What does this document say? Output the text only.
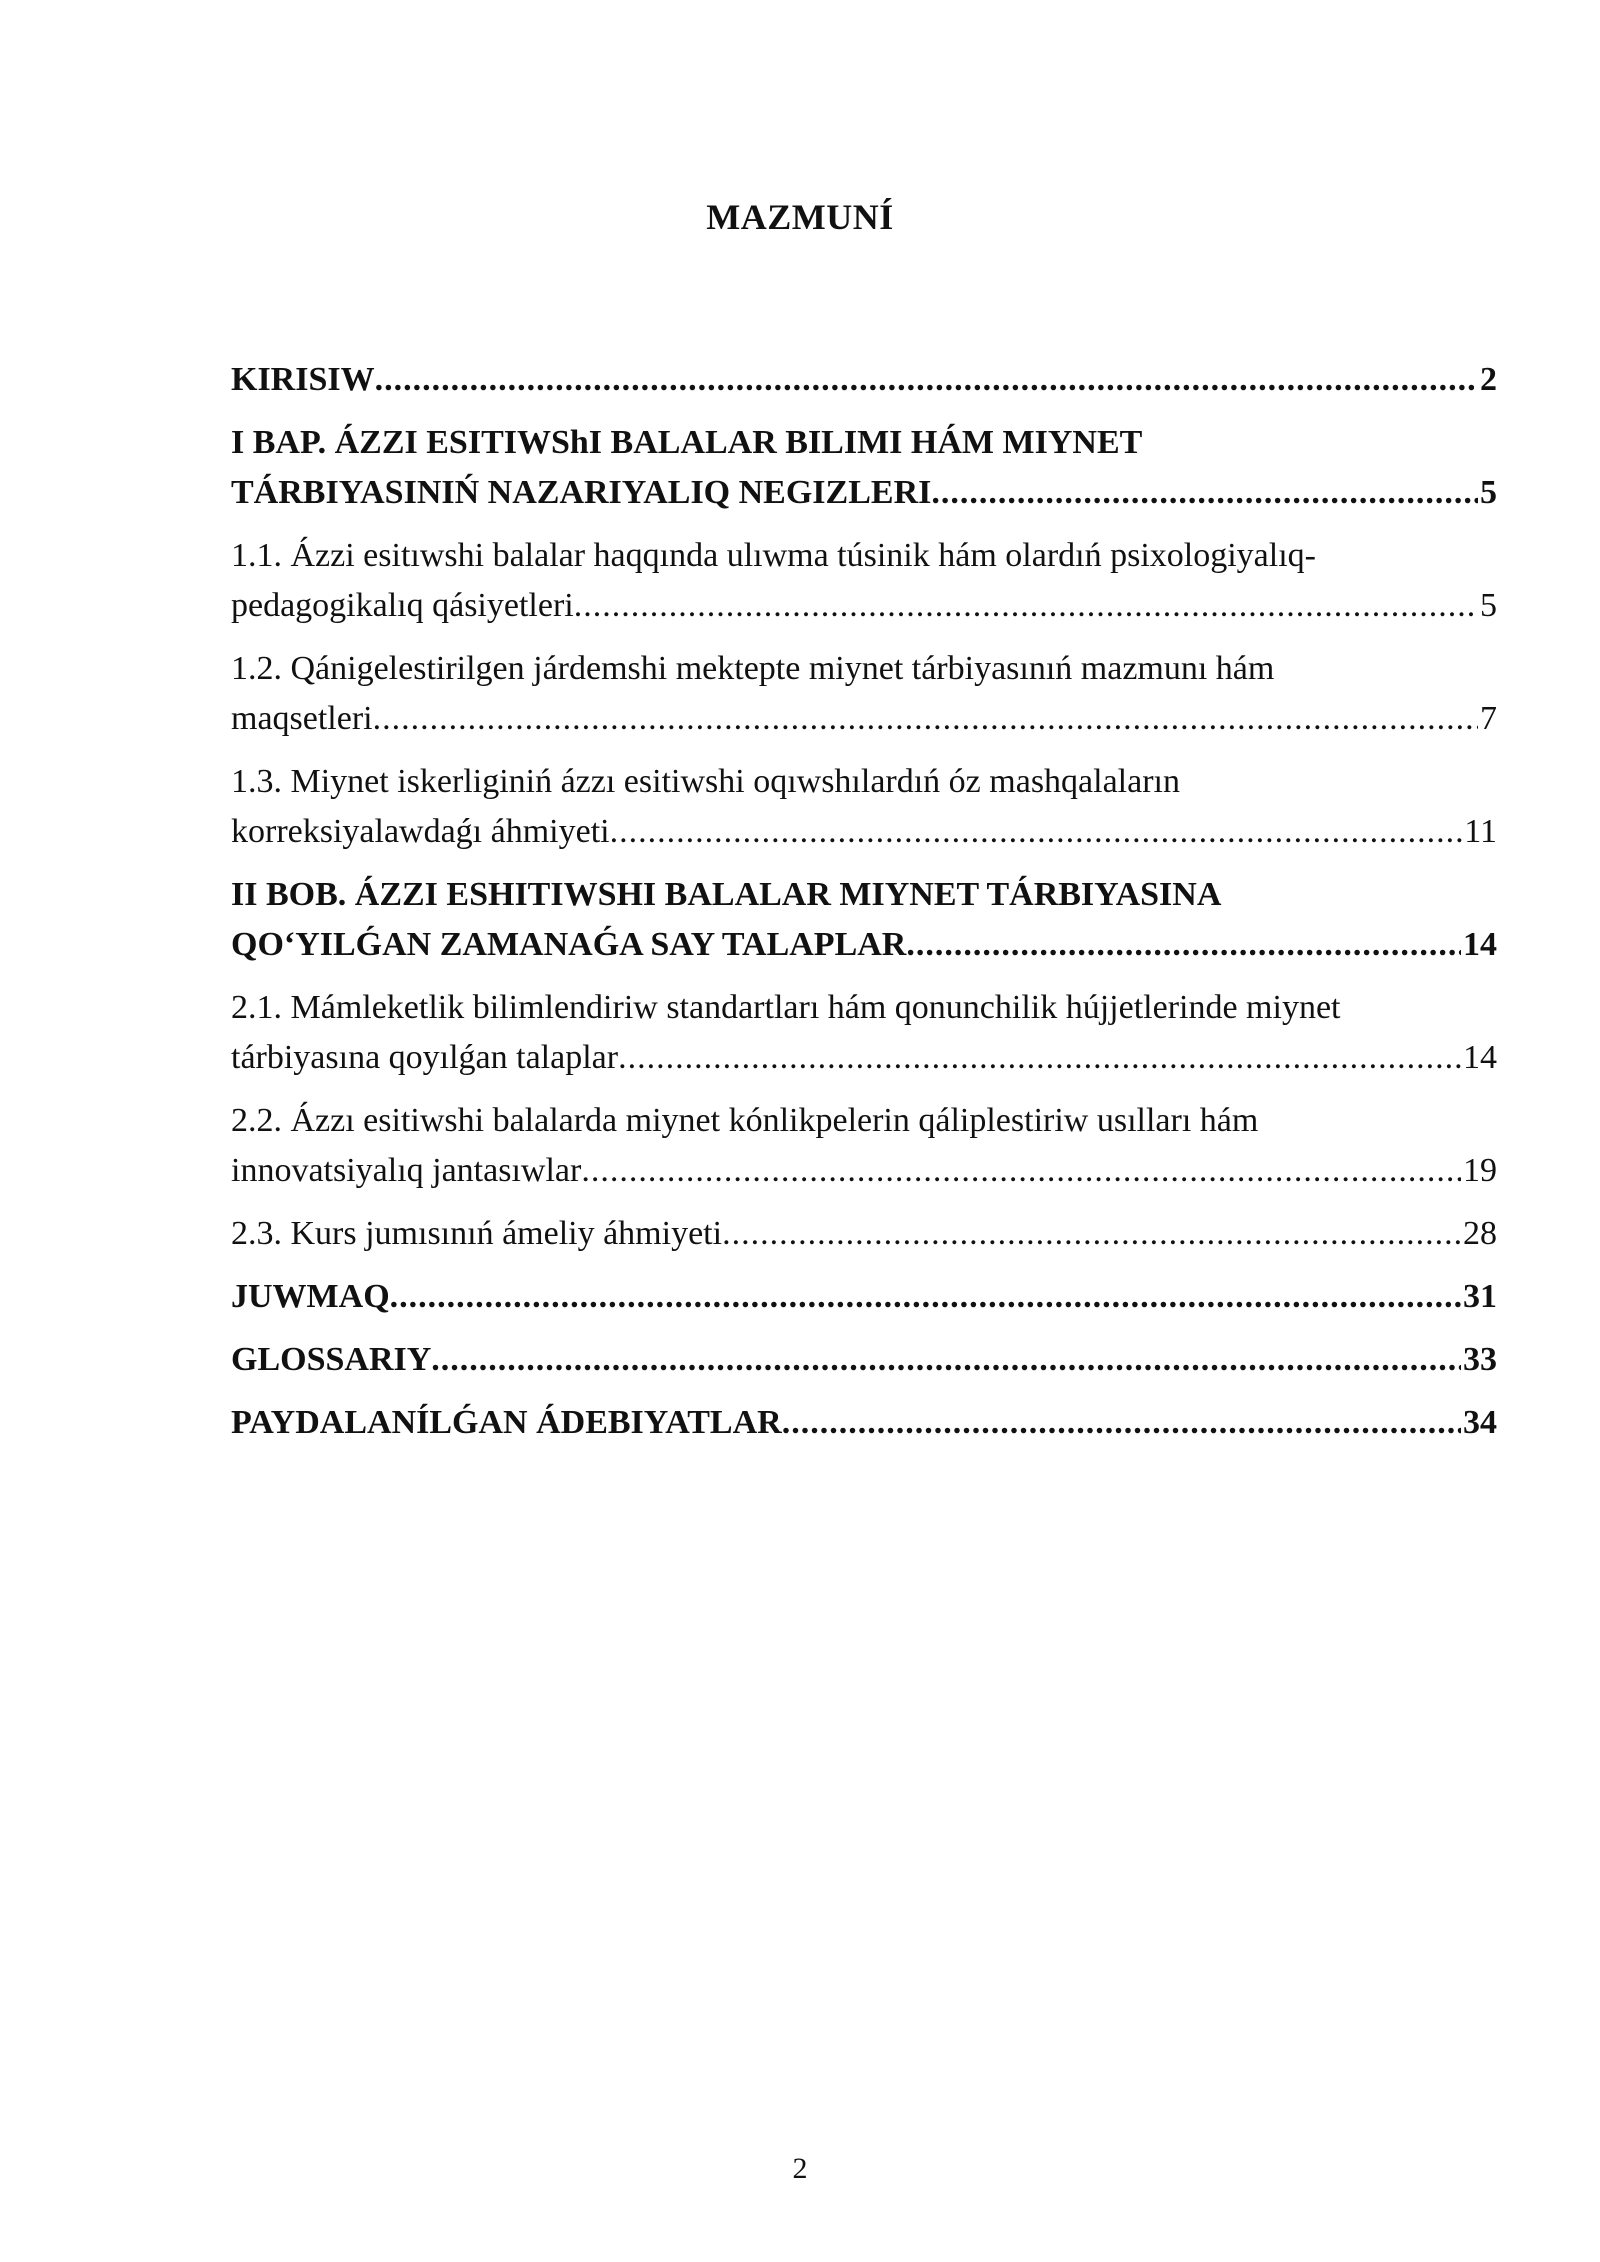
MAZMUNÍ
KIRISIW .....	2
I BAP. ÁZZI ESITIWShI BALALAR BILIMI HÁM MIYNET
TÁRBIYASINIŃ NAZARIYALIQ NEGIZLERI .....	5
1.1. Ázzi esitıwshi balalar haqqında ulıwma túsinik hám olardıń psixologiyalıq-
pedagogikalıq qásiyetleri .....	5
1.2. Qánigelestirilgen járdemshi mektepte miynet tárbiyasınıń mazmunı hám
maqsetleri .....	7
1.3. Miynet iskerliginiń ázzı esitiwshi oqıwshılardıń óz mashqalaların
korreksiyalawdaǵı áhmiyeti .....	11
II BOB. ÁZZI ESHITIWSHI BALALAR MIYNET TÁRBIYASINA
QO‘YILǴAN ZAMANAǴA SAY TALAPLAR .....	14
2.1. Mámleketlik bilimlendiriw standartları hám qonunchilik hújjetlerinde miynet
tárbiyasına qoyılǵan talaplar .....	14
2.2. Ázzı esitiwshi balalarda miynet kónlikpelerin qáliplestiriw usılları hám
innovatsiyalıq jantasıwlar .....	19
2.3. Kurs jumısınıń ámeliy áhmiyeti .....	28
JUWMAQ .....	31
GLOSSARIY .....	33
PAYDALANÍLǴAN ÁDEBIYATLAR .....	34
2
